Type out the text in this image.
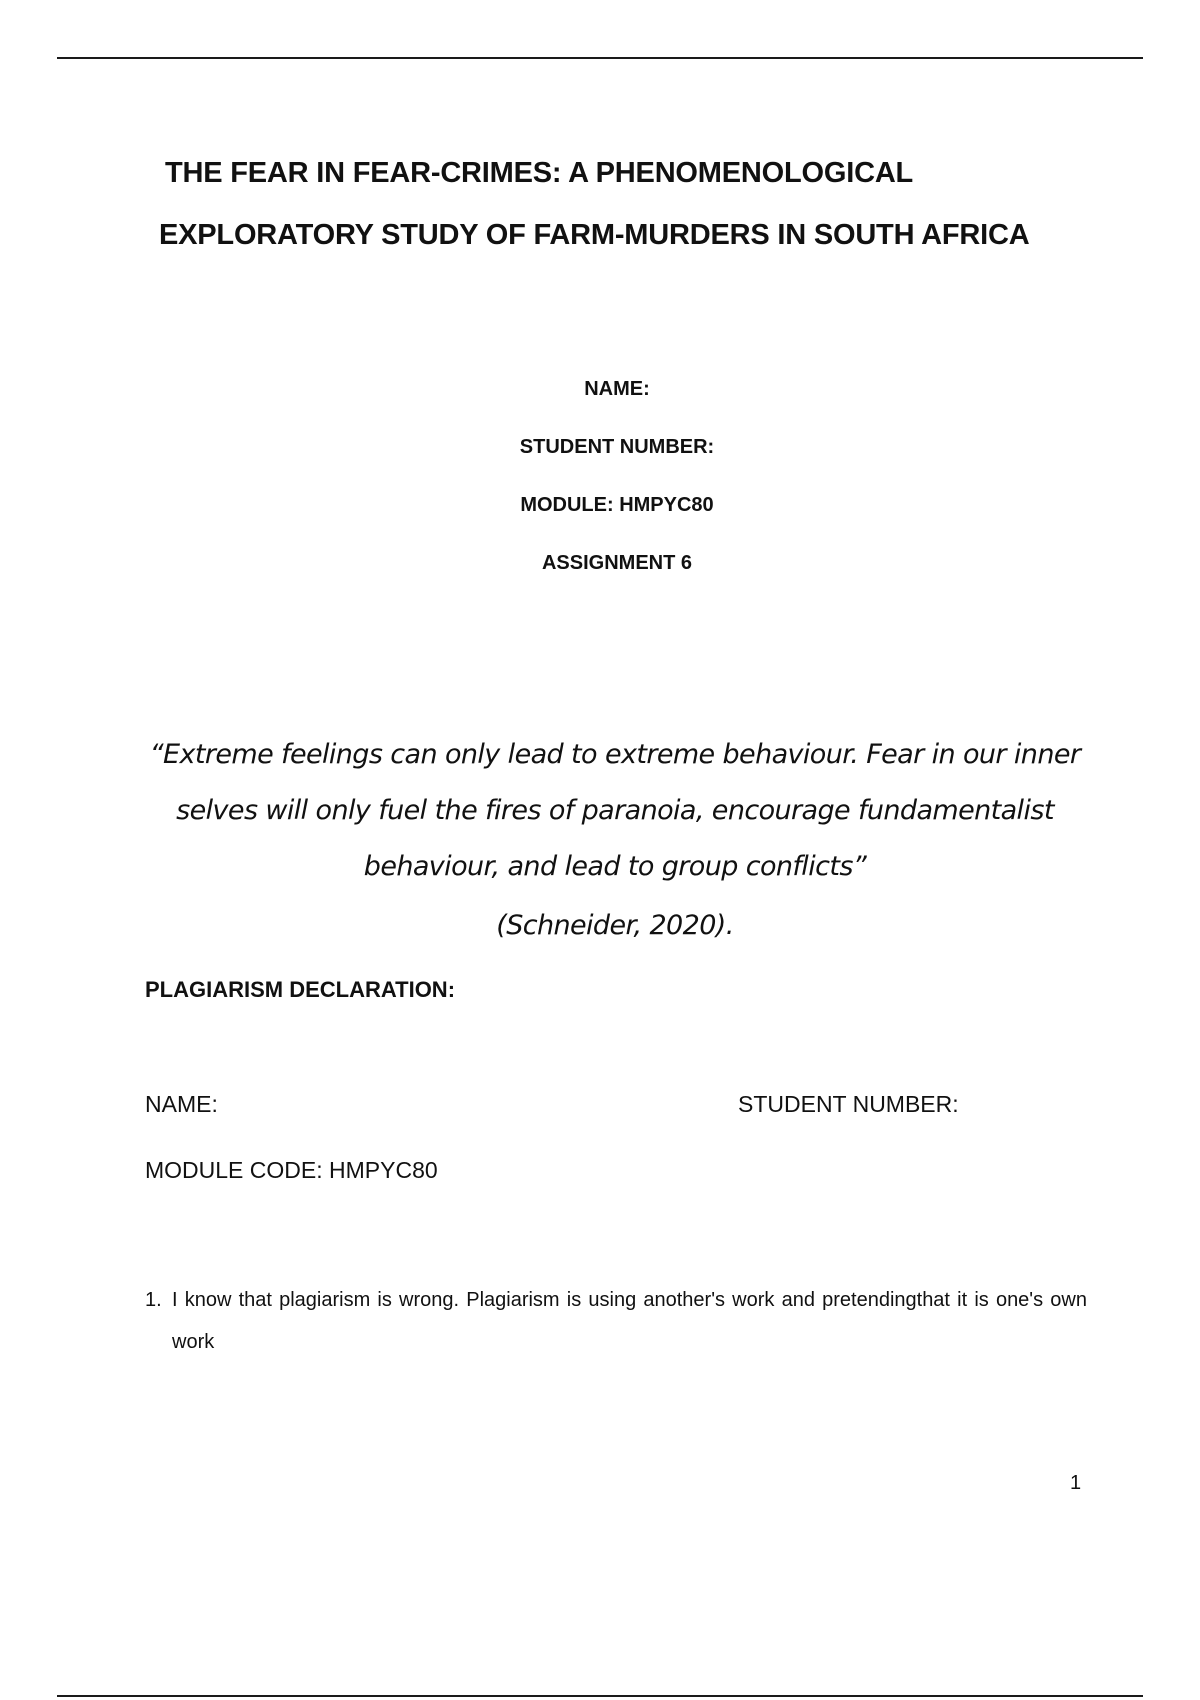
THE FEAR IN FEAR-CRIMES: A PHENOMENOLOGICAL
EXPLORATORY STUDY OF FARM-MURDERS IN SOUTH AFRICA
NAME:
STUDENT NUMBER:
MODULE: HMPYC80
ASSIGNMENT 6
“Extreme feelings can only lead to extreme behaviour. Fear in our inner selves will only fuel the fires of paranoia, encourage fundamentalist behaviour, and lead to group conflicts”
(Schneider, 2020).
PLAGIARISM DECLARATION:
NAME:	STUDENT NUMBER:
MODULE CODE: HMPYC80
1. I know that plagiarism is wrong. Plagiarism is using another's work and pretendingthat it is one's own work
1
